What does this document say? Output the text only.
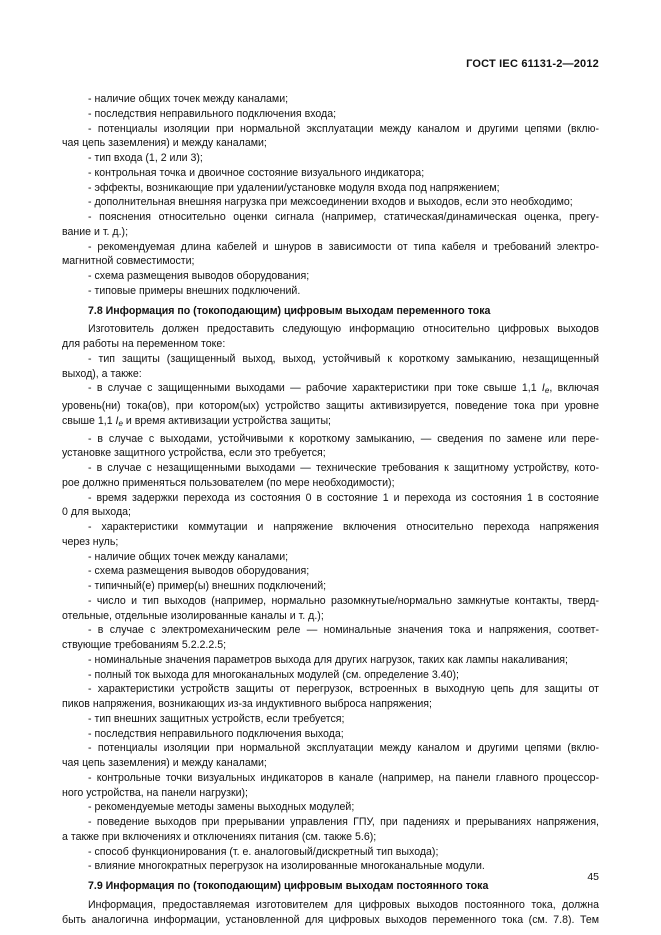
ГОСТ IEC 61131-2—2012
- наличие общих точек между каналами;
- последствия неправильного подключения входа;
- потенциалы изоляции при нормальной эксплуатации между каналом и другими цепями (вклю-
чая цепь заземления) и между каналами;
- тип входа (1, 2 или 3);
- контрольная точка и двоичное состояние визуального индикатора;
- эффекты, возникающие при удалении/установке модуля входа под напряжением;
- дополнительная внешняя нагрузка при межсоединении входов и выходов, если это необходимо;
- пояснения относительно оценки сигнала (например, статическая/динамическая оценка, прery-
вание и т. д.);
- рекомендуемая длина кабелей и шнуров в зависимости от типа кабеля и требований электро-
магнитной совместимости;
- схема размещения выводов оборудования;
- типовые примеры внешних подключений.
7.8 Информация по (токоподающим) цифровым выходам переменного тока
Изготовитель должен предоставить следующую информацию относительно цифровых выходов
для работы на переменном токе:
- тип защиты (защищенный выход, выход, устойчивый к короткому замыканию, незащищенный
выход), а также:
- в случае с защищенными выходами — рабочие характеристики при токе свыше 1,1 $I_e$, включая
уровень(ни) тока(ов), при котором(ых) устройство защиты активизируется, поведение тока при уровне
свыше 1,1 $I_e$ и время активизации устройства защиты;
- в случае с выходами, устойчивыми к короткому замыканию, — сведения по замене или пере-
установке защитного устройства, если это требуется;
- в случае с незащищенными выходами — технические требования к защитному устройству, кото-
рое должно применяться пользователем (по мере необходимости);
- время задержки перехода из состояния 0 в состояние 1 и перехода из состояния 1 в состояние
0 для выхода;
- характеристики коммутации и напряжение включения относительно перехода напряжения
через нуль;
- наличие общих точек между каналами;
- схема размещения выводов оборудования;
- типичный(е) пример(ы) внешних подключений;
- число и тип выходов (например, нормально разомкнутые/нормально замкнутые контакты, тверд-
отельные, отдельные изолированные каналы и т. д.);
- в случае с электромеханическим реле — номинальные значения тока и напряжения, соответ-
ствующие требованиям 5.2.2.2.5;
- номинальные значения параметров выхода для других нагрузок, таких как лампы накаливания;
- полный ток выхода для многоканальных модулей (см. определение 3.40);
- характеристики устройств защиты от перегрузок, встроенных в выходную цепь для защиты от
пиков напряжения, возникающих из-за индуктивного выброса напряжения;
- тип внешних защитных устройств, если требуется;
- последствия неправильного подключения выхода;
- потенциалы изоляции при нормальной эксплуатации между каналом и другими цепями (вклю-
чая цепь заземления) и между каналами;
- контрольные точки визуальных индикаторов в канале (например, на панели главного процессор-
ного устройства, на панели нагрузки);
- рекомендуемые методы замены выходных модулей;
- поведение выходов при прерывании управления ГПУ, при падениях и прерываниях напряжения,
а также при включениях и отключениях питания (см. также 5.6);
- способ функционирования (т. е. аналоговый/дискретный тип выхода);
- влияние многократных перегрузок на изолированные многоканальные модули.
7.9 Информация по (токоподающим) цифровым выходам постоянного тока
Информация, предоставляемая изготовителем для цифровых выходов постоянного тока, должна
быть аналогична информации, установленной для цифровых выходов переменного тока (см. 7.8). Тем
45
